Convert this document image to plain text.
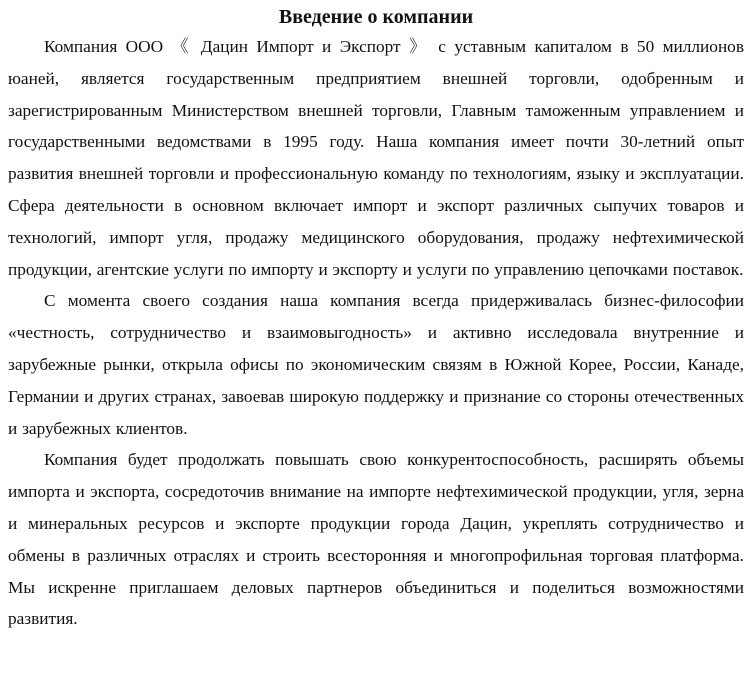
Введение о компании

Компания ООО 《 Дацин Импорт и Экспорт 》 с уставным капиталом в 50 миллионов юаней, является государственным предприятием внешней торговли, одобренным и зарегистрированным Министерством внешней торговли, Главным таможенным управлением и государственными ведомствами в 1995 году. Наша компания имеет почти 30-летний опыт развития внешней торговли и профессиональную команду по технологиям, языку и эксплуатации. Сфера деятельности в основном включает импорт и экспорт различных сыпучих товаров и технологий, импорт угля, продажу медицинского оборудования, продажу нефтехимической продукции, агентские услуги по импорту и экспорту и услуги по управлению цепочками поставок.

С момента своего создания наша компания всегда придерживалась бизнес-философии «честность, сотрудничество и взаимовыгодность» и активно исследовала внутренние и зарубежные рынки, открыла офисы по экономическим связям в Южной Корее, России, Канаде, Германии и других странах, завоевав широкую поддержку и признание со стороны отечественных и зарубежных клиентов.

Компания будет продолжать повышать свою конкурентоспособность, расширять объемы импорта и экспорта, сосредоточив внимание на импорте нефтехимической продукции, угля, зерна и минеральных ресурсов и экспорте продукции города Дацин, укреплять сотрудничество и обмены в различных отраслях и строить всесторонняя и многопрофильная торговая платформа. Мы искренне приглашаем деловых партнеров объединиться и поделиться возможностями развития.
